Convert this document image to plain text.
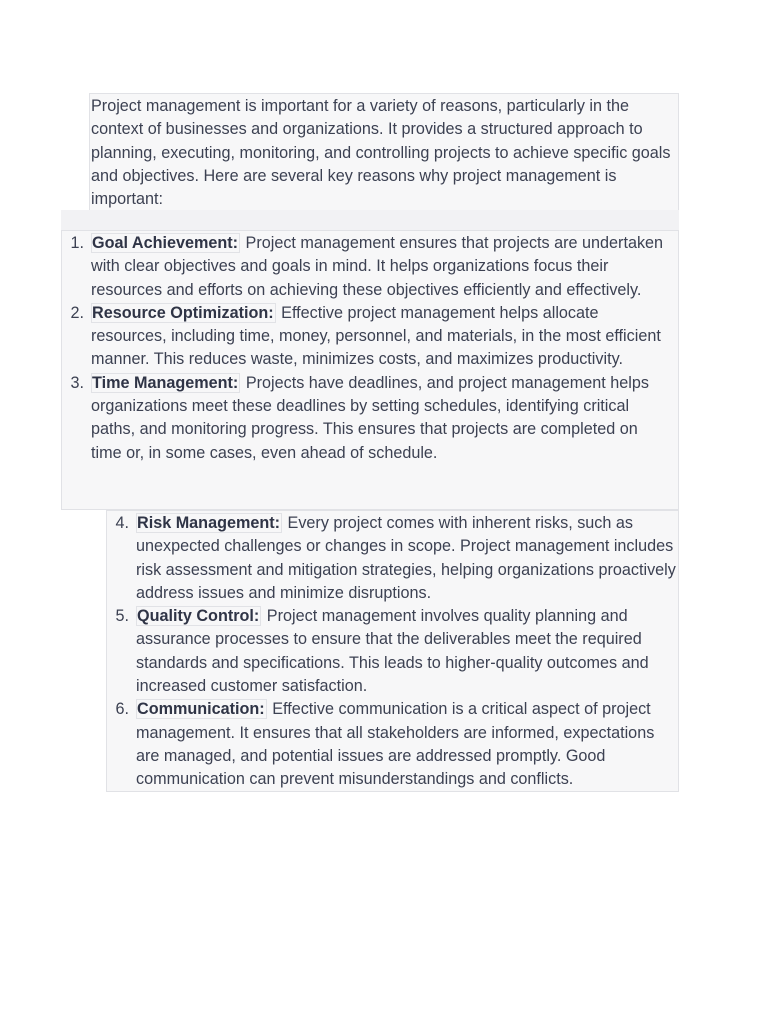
Project management is important for a variety of reasons, particularly in the context of businesses and organizations. It provides a structured approach to planning, executing, monitoring, and controlling projects to achieve specific goals and objectives. Here are several key reasons why project management is important:

1. Goal Achievement: Project management ensures that projects are undertaken with clear objectives and goals in mind. It helps organizations focus their resources and efforts on achieving these objectives efficiently and effectively.
2. Resource Optimization: Effective project management helps allocate resources, including time, money, personnel, and materials, in the most efficient manner. This reduces waste, minimizes costs, and maximizes productivity.
3. Time Management: Projects have deadlines, and project management helps organizations meet these deadlines by setting schedules, identifying critical paths, and monitoring progress. This ensures that projects are completed on time or, in some cases, even ahead of schedule.
4. Risk Management: Every project comes with inherent risks, such as unexpected challenges or changes in scope. Project management includes risk assessment and mitigation strategies, helping organizations proactively address issues and minimize disruptions.
5. Quality Control: Project management involves quality planning and assurance processes to ensure that the deliverables meet the required standards and specifications. This leads to higher-quality outcomes and increased customer satisfaction.
6. Communication: Effective communication is a critical aspect of project management. It ensures that all stakeholders are informed, expectations are managed, and potential issues are addressed promptly. Good communication can prevent misunderstandings and conflicts.
